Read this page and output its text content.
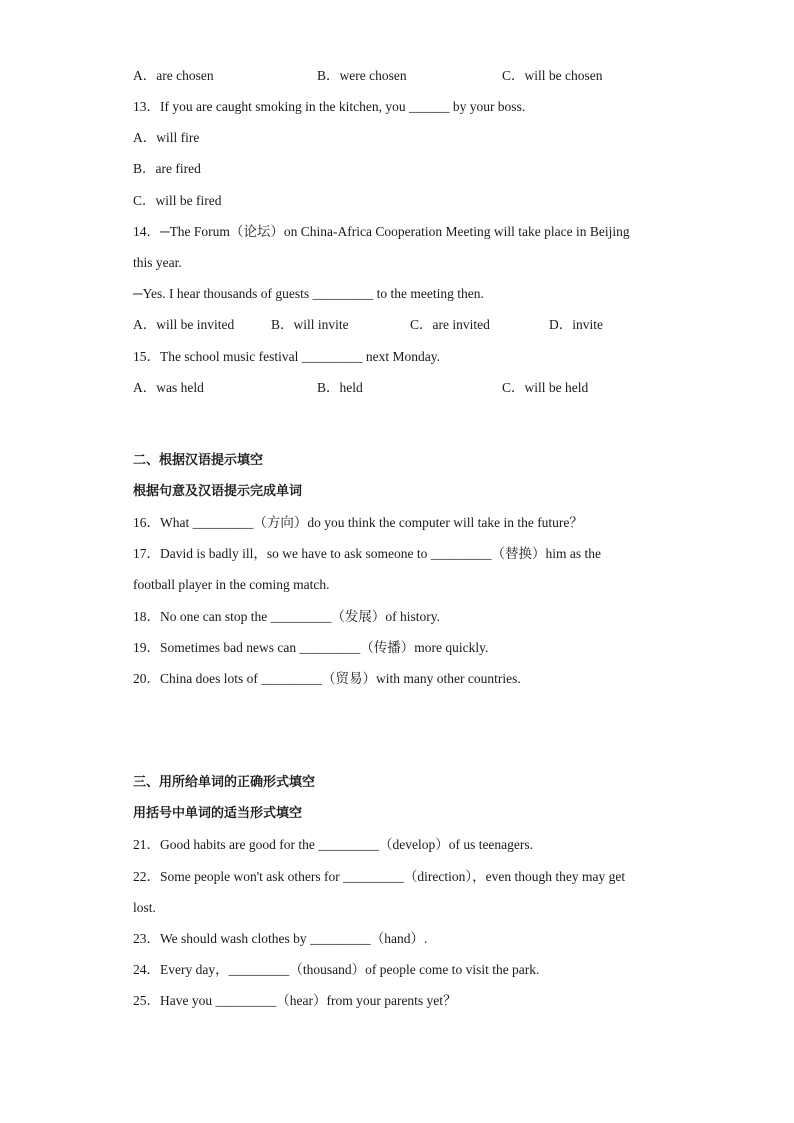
A．are chosen	B．were chosen	C．will be chosen
13．If you are caught smoking in the kitchen, you ______ by your boss.
A．will fire
B．are fired
C．will be fired
14．─The Forum（论坛）on China-Africa Cooperation Meeting will take place in Beijing
this year.
─Yes. I hear thousands of guests _________ to the meeting then.
A．will be invited	B．will invite	C．are invited	D．invite
15．The school music festival _________ next Monday.
A．was held	B．held	C．will be held
二、根据汉语提示填空
根据句意及汉语提示完成单词
16．What _________（方向）do you think the computer will take in the future？
17．David is badly ill，so we have to ask someone to _________（替换）him as the
football player in the coming match.
18．No one can stop the _________（发展）of history.
19．Sometimes bad news can _________（传播）more quickly.
20．China does lots of _________（贸易）with many other countries.
三、用所给单词的正确形式填空
用括号中单词的适当形式填空
21．Good habits are good for the _________（develop）of us teenagers.
22．Some people won't ask others for _________（direction），even though they may get
lost.
23．We should wash clothes by _________（hand）.
24．Every day，_________（thousand）of people come to visit the park.
25．Have you _________（hear）from your parents yet？
